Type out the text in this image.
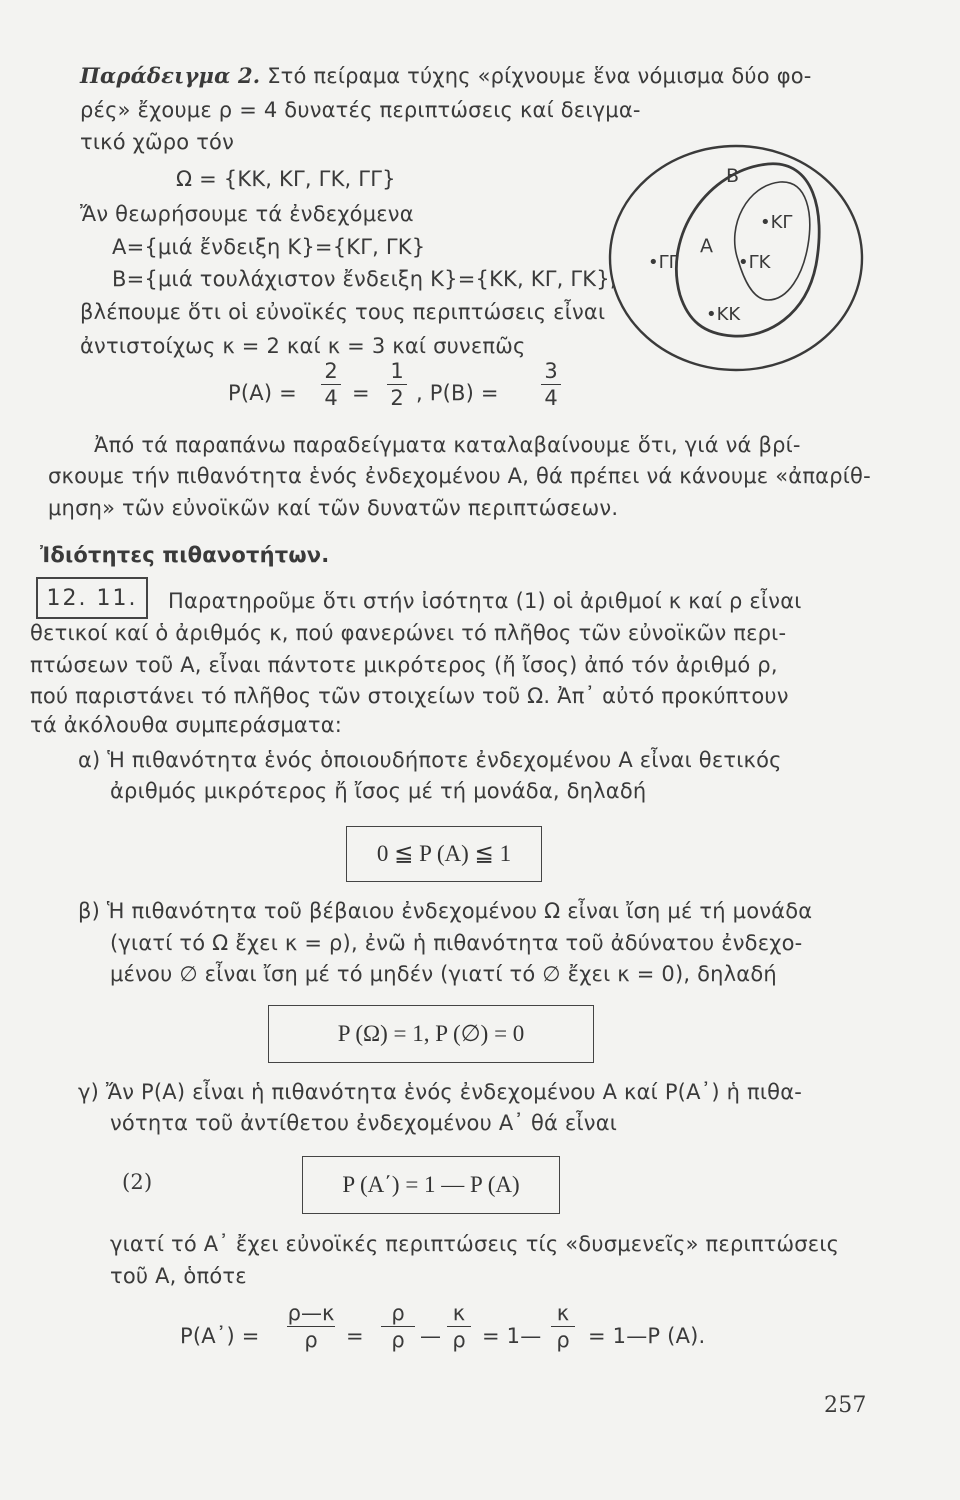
Παράδειγμα 2. Στό πείραμα τύχης «ρίχνουμε ἕνα νόμισμα δύο φο-
ρές» ἔχουμε ρ = 4 δυνατές περιπτώσεις καί δειγμα-
τικό χῶρο τόν
Ω = {ΚΚ, ΚΓ, ΓΚ, ΓΓ}
Ἄν θεωρήσουμε τά ἐνδεχόμενα
Α={μιά ἔνδειξη Κ}={ΚΓ, ΓΚ}
Β={μιά τουλάχιστον ἔνδειξη Κ}={ΚΚ, ΚΓ, ΓΚ},
βλέπουμε ὅτι οἱ εὐνοϊκές τους περιπτώσεις εἶναι
ἀντιστοίχως κ = 2 καί κ = 3 καί συνεπῶς
Ρ(Α) =
2
4 =
1
2 , Ρ(Β) =
3
4
Β
Α
•ΚΓ
•ΓΚ
•ΓΓ
•ΚΚ
Ἀπό τά παραπάνω παραδείγματα καταλαβαίνουμε ὅτι, γιά νά βρί-
σκουμε τήν πιθανότητα ἑνός ἐνδεχομένου Α, θά πρέπει νά κάνουμε «ἀπαρίθ-
μηση» τῶν εὐνοϊκῶν καί τῶν δυνατῶν περιπτώσεων.
Ἰδιότητες πιθανοτήτων.
12. 11.	Παρατηροῦμε ὅτι στήν ἰσότητα (1) οἱ ἀριθμοί κ καί ρ εἶναι
θετικοί καί ὁ ἀριθμός κ, πού φανερώνει τό πλῆθος τῶν εὐνοϊκῶν περι-
πτώσεων τοῦ Α, εἶναι πάντοτε μικρότερος (ἤ ἴσος) ἀπό τόν ἀριθμό ρ,
πού παριστάνει τό πλῆθος τῶν στοιχείων τοῦ Ω. Ἀπ᾽ αὐτό προκύπτουν
τά ἀκόλουθα συμπεράσματα:
α) Ἡ πιθανότητα ἑνός ὁποιουδήποτε ἐνδεχομένου Α εἶναι θετικός
ἀριθμός μικρότερος ἤ ἴσος μέ τή μονάδα, δηλαδή
0 ≦ P (A) ≦ 1
β) Ἡ πιθανότητα τοῦ βέβαιου ἐνδεχομένου Ω εἶναι ἴση μέ τή μονάδα
(γιατί τό Ω ἔχει κ = ρ), ἐνῶ ἡ πιθανότητα τοῦ ἀδύνατου ἐνδεχο-
μένου ∅ εἶναι ἴση μέ τό μηδέν (γιατί τό ∅ ἔχει κ = 0), δηλαδή
P (Ω) = 1, P (∅) = 0
γ) Ἄν Ρ(Α) εἶναι ἡ πιθανότητα ἑνός ἐνδεχομένου Α καί Ρ(Α᾽) ἡ πιθα-
νότητα τοῦ ἀντίθετου ἐνδεχομένου Α᾽ θά εἶναι
(2)	P (A΄) = 1 — P (A)
γιατί τό Α᾽ ἔχει εὐνοϊκές περιπτώσεις τίς «δυσμενεῖς» περιπτώσεις
τοῦ Α, ὁπότε
Ρ(Α᾽) =
ρ—κ
ρ	=
ρ
ρ —
κ
ρ = 1—
κ
ρ = 1—Ρ (Α).
257
